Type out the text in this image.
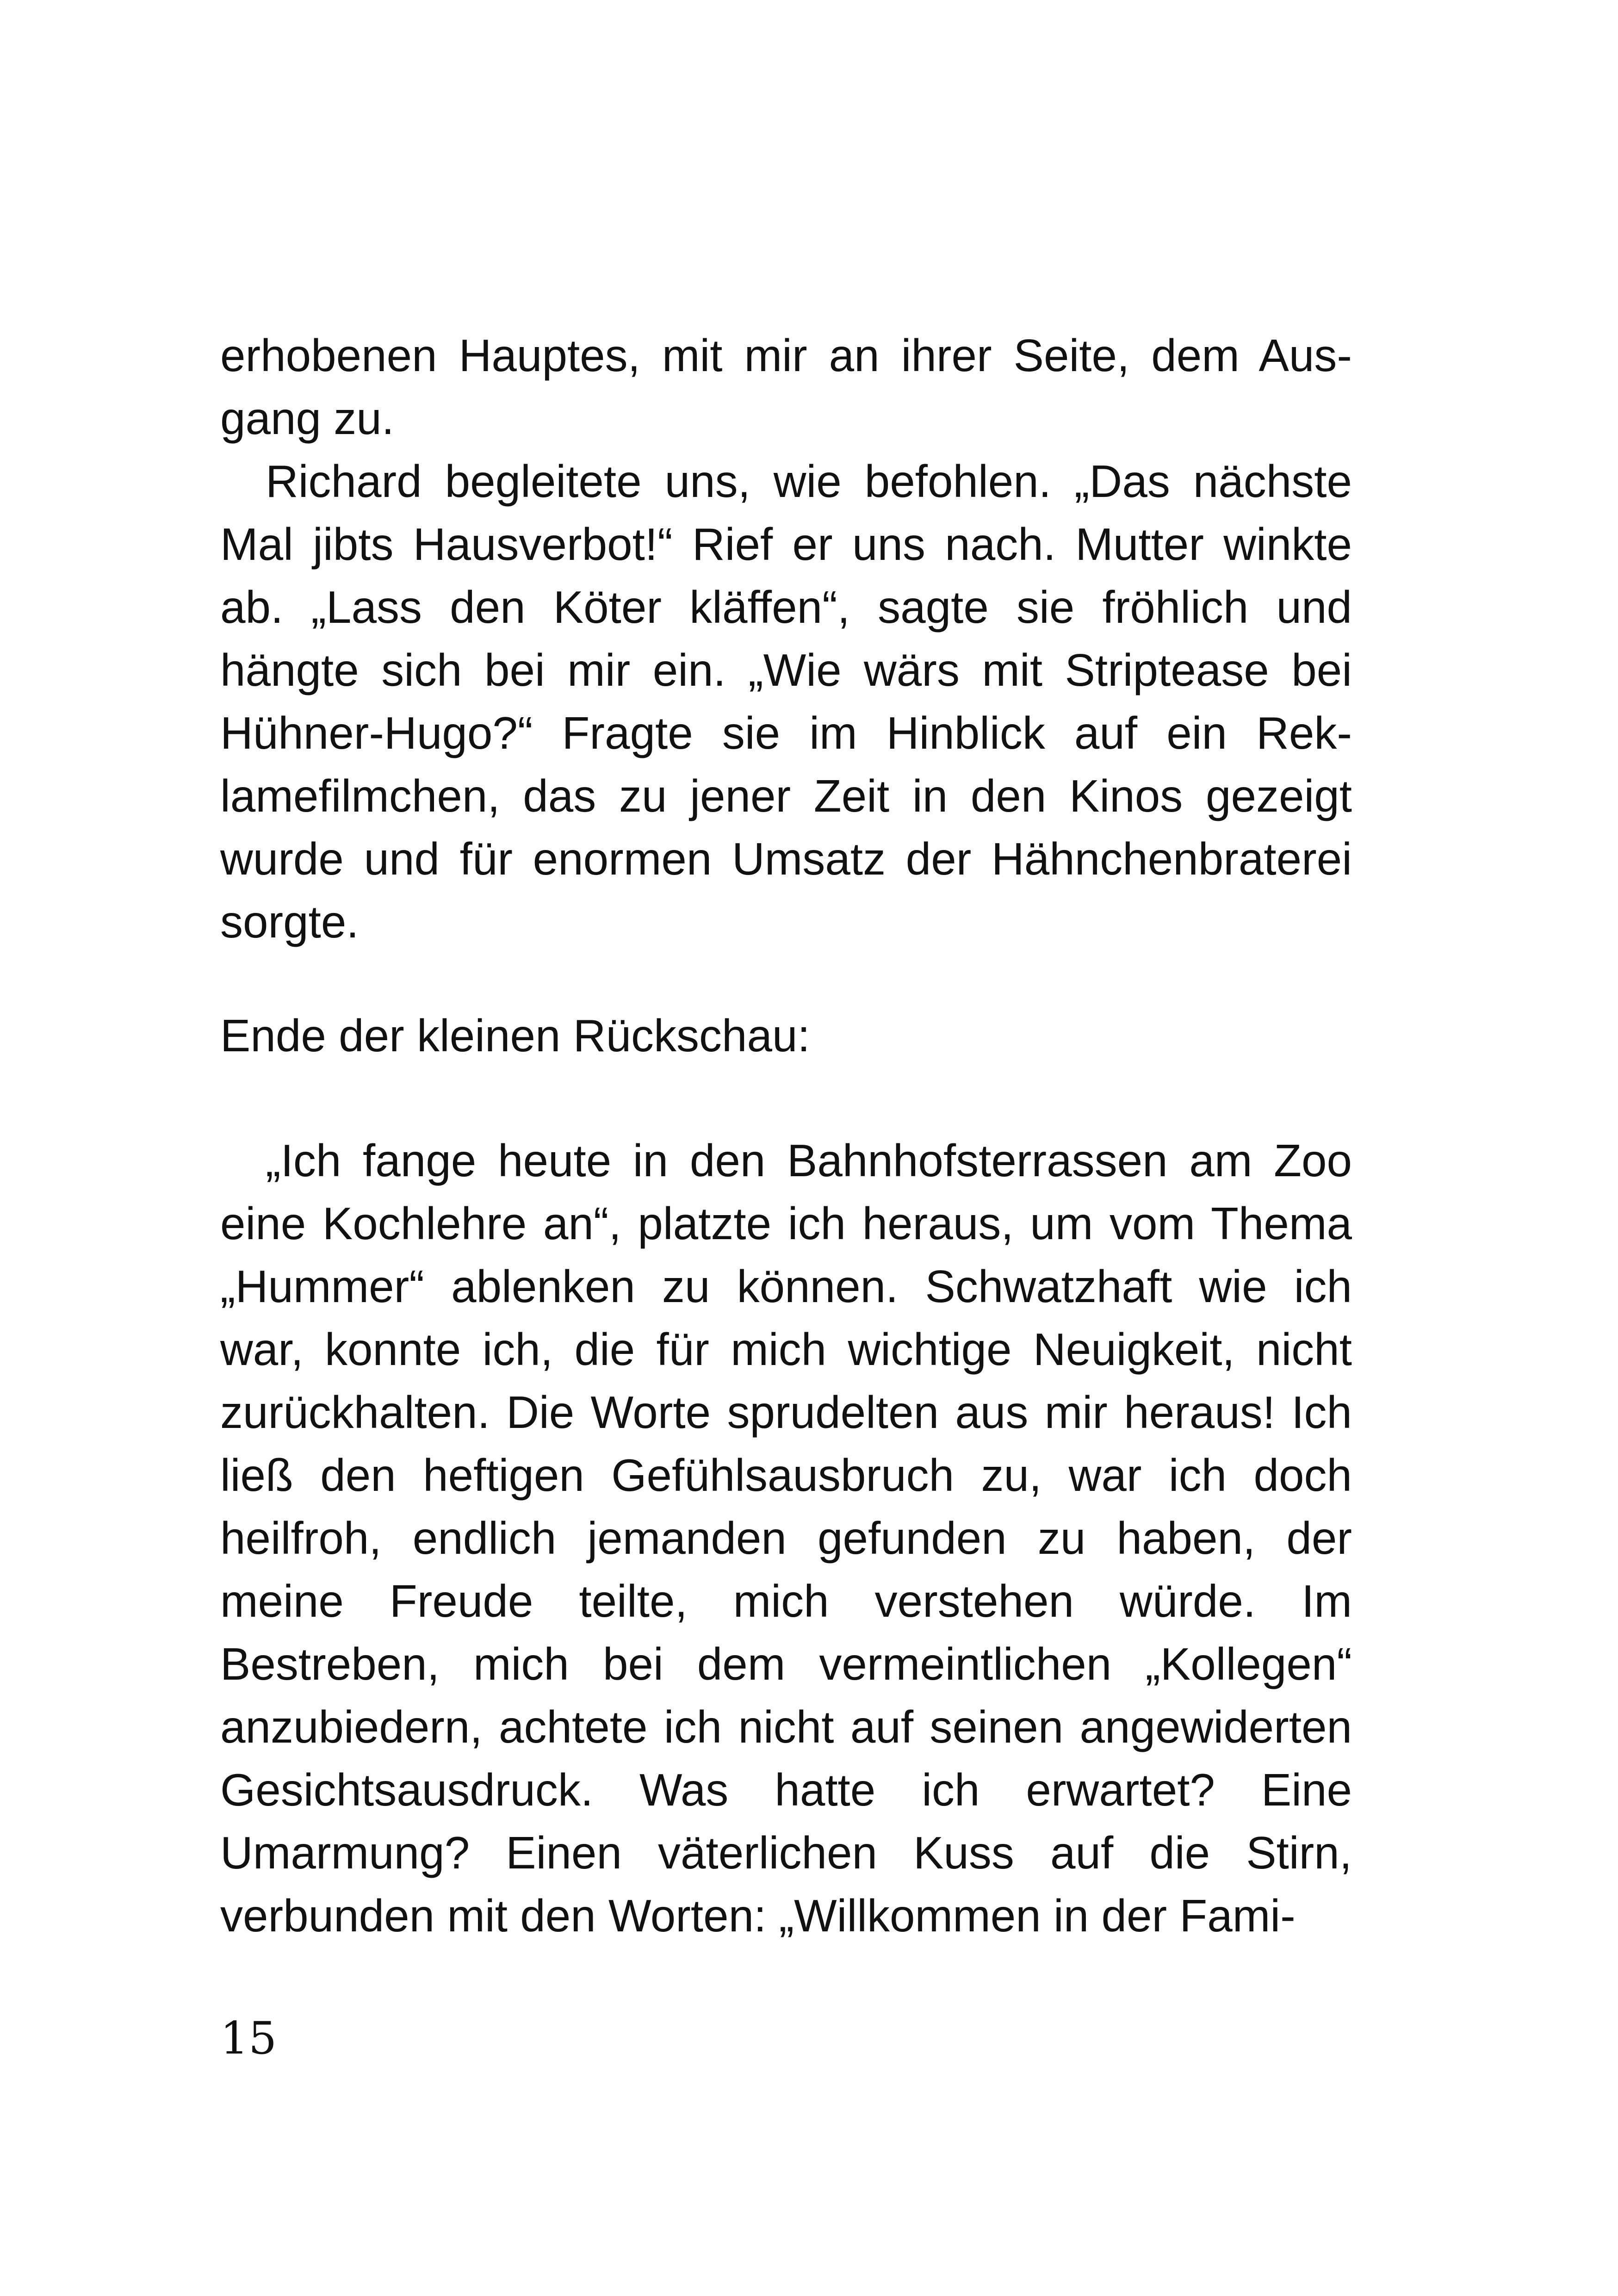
erhobenen Hauptes, mit mir an ihrer Seite, dem Ausgang zu.

Richard begleitete uns, wie befohlen. „Das nächste Mal jibts Hausverbot!“ Rief er uns nach. Mutter winkte ab. „Lass den Köter kläffen“, sagte sie fröhlich und hängte sich bei mir ein. „Wie wärs mit Striptease bei Hühner-Hugo?“ Fragte sie im Hinblick auf ein Reklamefilmchen, das zu jener Zeit in den Kinos gezeigt wurde und für enormen Umsatz der Hähnchenbraterei sorgte.

Ende der kleinen Rückschau:

„Ich fange heute in den Bahnhofsterrassen am Zoo eine Kochlehre an“, platzte ich heraus, um vom Thema „Hummer“ ablenken zu können. Schwatzhaft wie ich war, konnte ich, die für mich wichtige Neuigkeit, nicht zurückhalten. Die Worte sprudelten aus mir heraus! Ich ließ den heftigen Gefühlsausbruch zu, war ich doch heilfroh, endlich jemanden gefunden zu haben, der meine Freude teilte, mich verstehen würde. Im Bestreben, mich bei dem vermeintlichen „Kollegen“ anzubiedern, achtete ich nicht auf seinen angewiderten Gesichtsausdruck. Was hatte ich erwartet? Eine Umarmung? Einen väterlichen Kuss auf die Stirn, verbunden mit den Worten: „Willkommen in der Fami-

15
